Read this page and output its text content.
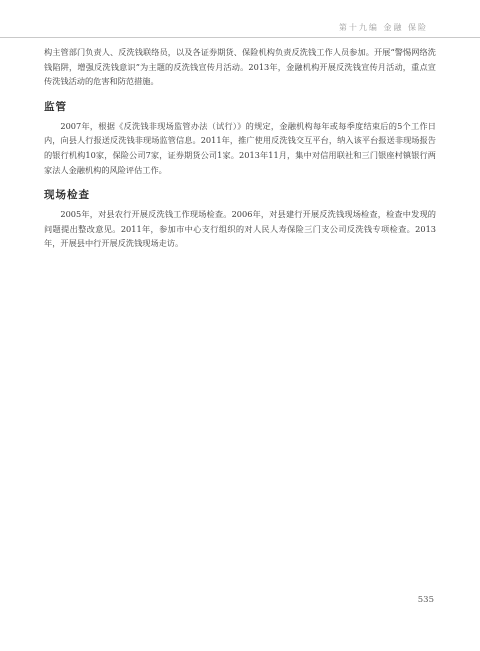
第十九编 金融 保险

构主管部门负责人、反洗钱联络员，以及各证券期货、保险机构负责反洗钱工作人员参加。开展“警惕网络洗钱陷阱，增强反洗钱意识”为主题的反洗钱宣传月活动。2013年，金融机构开展反洗钱宣传月活动，重点宣传洗钱活动的危害和防范措施。

监管

2007年，根据《反洗钱非现场监管办法（试行）》的规定，金融机构每年或每季度结束后的5个工作日内，向县人行报送反洗钱非现场监管信息。2011年，推广使用反洗钱交互平台，纳入该平台报送非现场报告的银行机构10家，保险公司7家，证券期货公司1家。2013年11月，集中对信用联社和三门银座村镇银行两家法人金融机构的风险评估工作。

现场检查

2005年，对县农行开展反洗钱工作现场检查。2006年，对县建行开展反洗钱现场检查，检查中发现的问题提出整改意见。2011年，参加市中心支行组织的对人民人寿保险三门支公司反洗钱专项检查。2013年，开展县中行开展反洗钱现场走访。

535
